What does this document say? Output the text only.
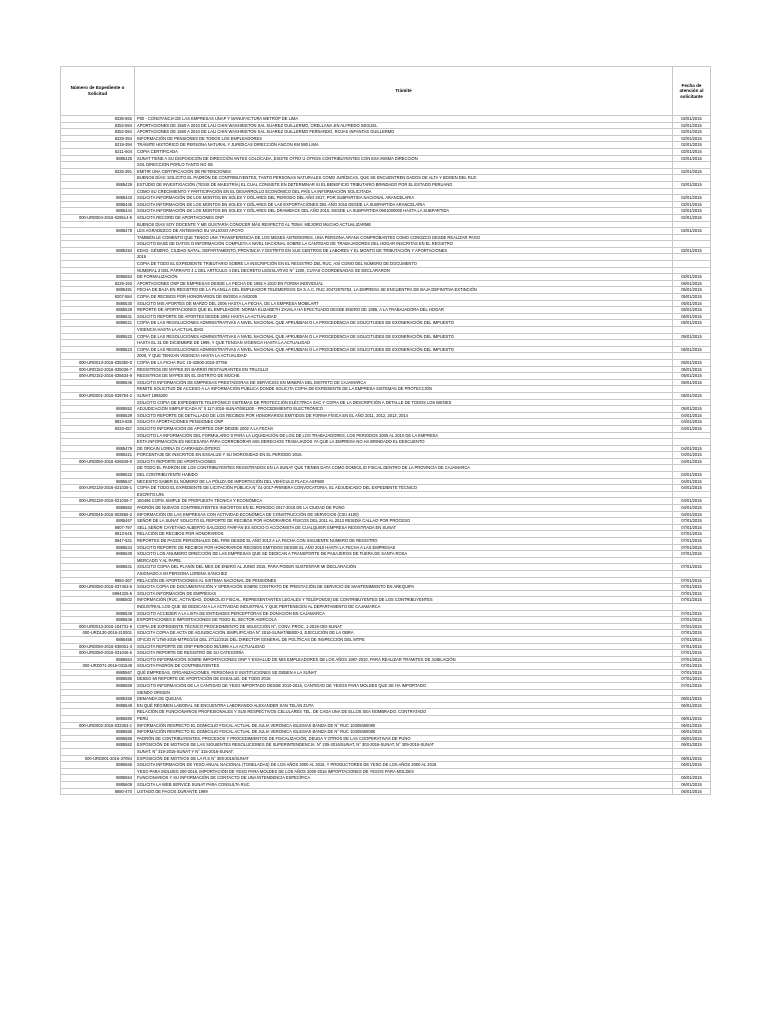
Número de Expediente o Solicitud	Trámite	Fecha de atención al solicitante
8335-592	P00 - CONSTANCIA DE LAS EMPRESAS UNAP Y MANUFACTURA METROP DE LIMA	02/01/2015
8352-594	APORTACIONES DE 1560 A 2010 DE LALI CHIN WASHINGTON SAL SUAREZ GUILLERMO, ORELLANA JIN ALFREDO SEGUEL	02/01/2015
8352-594	APORTACIONES DE 1560 A 2010 DE LALI CHIN WASHINGTON SAL SUAREZ GUILLERMO FERNANDO, ROJAS INFANTAS GUILLERMO	02/01/2015
8229-394	INFORMACIÓN DE PENSIONES DE TODOS LOS EMPLEADORES	02/01/2015
8219-394	TRÁMITE HISTÓRICO DE PERSONA NATURAL Y JURÍDICAS DIRECCIÓN ANCON KM 580 LIMA	02/01/2015
8211-604	COPIA CERTIFICADA	02/01/2015
8885425	SUNAT TIENE A SU DISPOSICIÓN DE DIRECCIÓN ANTES COLOCADA, EXISTE OTRO U OTROS CONTRIBUYENTES CON ESA MISMA DIRECCIÓN	02/01/2015
	SOL DIRECCIÓN PORLO TANTO NO SE	
8325-391	EMITIR UNA CERTIFICACIÓN DE RETENCIONES	02/01/2015
	BUENOS DÍAS: SOLICITO EL PADRÓN DE CONTRIBUYENTES, TANTO PERSONAS NATURALES COMO JURÍDICAS, QUE SE ENCUENTREN DADOS DE ALTA Y BOGEN DEL RUC	
8885429	ESTUDIO DE INVESTIGACIÓN (TESIS DE MAESTRÍA) EL CUAL CONSISTE EN DETERMINAR SI EL BENEFICIO TRIBUTARIO BRINDADO POR EL ESTADO PERUANO	02/01/2015
	COMO SU CRECIMIENTO Y PARTICIPACIÓN EN EL DESARROLLO ECONÓMICO DEL PAÍS LA INFORMACIÓN SOLICITADA	
8885443	SOLICITA INFORMACIÓN DE LOS MONTOS EN SOLES Y DÓLARES DEL PERIODO DEL AÑO 2017, POR SUBPARTIDA NACIONAL ARANCELARIA	02/01/2015
8885445	SOLICITA INFORMACIÓN DE LOS MONTOS EN SOLES Y DÓLARES DE LAS EXPORTACIONES DEL AÑO 2016 DESDE LA SUBPARTIDA ARANCELARIA	02/01/2015
8885444	SOLICITA INFORMACIÓN DE LOS MONTOS EN SOLES Y DÓLARES DEL DRAWBACK DEL AÑO 2016, DESDE LA SUBPARTIDA 0901000000 HASTA LA SUBPARTIDA	02/01/2015
000-URD004-2016-029514-5	SOLICITA RECORD DE APORTACIONES ONP	02/01/2015
	BUENOS DÍAS SOY DOCENTE Y ME GUSTARÍA CONOCER MÁS RESPECTO AL TEMA: MEJORO MUCHO ACTUALIZARME	
8885478	LES AGRADEZCO DE ANTEMANO SU VALIOSO APOYO	02/01/2015
	TAMBIÉN LE COMENTO QUE TENGO UNA TRANSFERENCIA DE LOS MESES ANTERIORES, UNA PERSONA ARANA COMPROBANTES COMO CONOZCO DESDE REALIZAR PAGO	
	SOLICITO BASE DE DATOS O INFORMACIÓN COMPLETA A NIVEL NACIONAL SOBRE LA CANTIDAD DE TRABAJADORES DEL HOGAR INSCRITAS EN EL REGISTRO	
8885494	EDAD, GÉNERO, CIUDAD NATAL, DEPARTAMENTO, PROVINCIA Y DISTRITO EN SUS CENTROS DE LABORES Y EL MONTO DE TRIBUTACIÓN Y APORTACIONES	02/01/2015
	2016	
	COPIA DE TODO EL EXPEDIENTE TRIBUTARIO SOBRE LA INSCRIPCIÓN EN EL REGISTRO DEL RUC, ASÍ COMO DEL NÚMERO DE DOCUMENTO	
	NUMERAL 3 DEL PÁRRAFO 4.1 DEL ARTÍCULO 4 DEL DECRETO LEGISLATIVO N° 1200, CUYAS COORDENADAS SE DECLARARON	
8885554	DE FORMALIZACIÓN	02/01/2015
8229-193	APORTACIONES ONP DE EMPRESAS DESDE LA FECHA DE 1992 A 2010 EN FORMA INDIVIDUAL	05/01/2015
8885491	FECHA DE BAJA EN REGISTRO DE LA PLANILLA DEL EMPLEADOR TELEMERSOS DA S.A.C. RUC 20472979752, LA EMPRESA SE ENCUENTRA DE BAJA DEFINITIVA EXTINCIÓN	05/01/2015
8207-584	COPIA DE RECIBOS POR HONORARIOS DE 09/2004 A 04/2005	05/01/2015
8885530	SOLICITO MIS APORTES DE MARZO DEL 2006 HASTA LA FECHA, DE LA EMPRESA MOBILART	05/01/2015
8885528	REPORTE DE APORTACIONES QUE EL EMPLEADOR: NORMA ELIZABETH ZAVALA HA EFECTUADO DESDE ENERO DE 1995, A LA TRABAJADORA DEL HOGAR	05/01/2015
8885531	SOLICITO REPORTE DE APORTES DESDE 2004 HASTA LA ACTUALIDAD	05/01/2015
8885521	COPIA DE LAS RESOLUCIONES ADMINISTRATIVAS A NIVEL NACIONAL QUE APRUEBAN O LA PROCEDENCIA DE SOLICITUDES DE EXONERACIÓN DEL IMPUESTO	05/01/2015
	VIGENCIA HASTA LA ACTUALIDAD	
8885522	COPIA DE LAS RESOLUCIONES ADMINISTRATIVAS A NIVEL NACIONAL QUE APRUEBAN O LA PROCEDENCIA DE SOLICITUDES DE EXONERACIÓN DEL IMPUESTO	05/01/2015
	HASTA EL 31 DE DICIEMBRE DE 1999, Y QUE TENGAN VIGENCIA HASTA LA ACTUALIDAD	
8885523	COPIA DE LAS RESOLUCIONES ADMINISTRATIVAS A NIVEL NACIONAL QUE APRUEBAN O LA PROCEDENCIA DE SOLICITUDES DE EXONERACIÓN DEL IMPUESTO	05/01/2015
	2000, Y QUE TENGAN VIGENCIA HASTA LA ACTUALIDAD	
000-URD013-2016-035350-0	COPIA DE LA FICHA RUC 10-32500-2016-07766	05/01/2015
000-URD152-2016-035036-7	REGISTROS DE MYPES EN BARRIO RESTAURANTES EN TRUJILLO	05/01/2015
000-URD152-2016-035634-9	REGISTROS DE MYPES EN EL DISTRITO DE MOCHE	05/01/2015
8885546	SOLICITO INFORMACIÓN DE EMPRESAS PRESTADORAS DE SERVICIOS EN MINERÍA DEL DISTRITO DE CAJAMARCA	05/01/2015
	REMITE SOLICITUD DE ACCESO A LA INFORMACIÓN PÚBLICA DONDE SOLICITA COPIA DE EXPEDIENTE DE LA EMPRESA SISTEMAS DE PROTECCIÓN	
000-URD001-2016-039794-2	SUNAT 1985200	05/01/2015
	SOLICITO COPIA DE EXPEDIENTE TELEFÓNICO SISTEMAS DE PROTECCIÓN ELÉCTRICA SAC Y COPIA DE LA DESCRIPCIÓN A DETALLE DE TODOS LOS BIENES	
8885552	ADJUDICACIÓN SIMPLIFICADA N° 0 117-2016-SUNAT/881200 - PROCEDIMIENTO ELECTRÓNICO	05/01/2015
8885529	SOLICITO REPORTE DE DETALLADO DE LOS RECIBOS POR HONORARIOS EMITIDOS DE FORMA FÍSICA EN EL AÑO 2011, 2012, 2013, 2014	04/01/2015
8924-836	SOLICITA APORTACIONES PENSIONES ONP	04/01/2015
8333-457	SOLICITO INFORMACIÓN DE APORTES ONP DESDE 2002 A LA FECHA	04/01/2015
	SOLICITO LA INFORMACIÓN DEL FORMULARIO 0 PARA LA LIQUIDACIÓN DE LOS DE LOS TRABAJADORES, LOS PERIODOS 2005 AL 2010 DE LA EMPRESA	
	ESTA INFORMACIÓN ES NECESARIA PARA CORROBORAR MIS DERECHOS TRABAJADOS YA QUE LA EMPRESA NO HA BRINDADO EL DESCUENTO	
8885479	DE ORCAIN LORNA DI CARRANZA DITERO.	04/01/2015
8885421	PORCENTAJE DE INSCRITOS EN ESSALUD Y SU MOROSIDAD EN EL PERIODO 2015	04/01/2015
000-URD050-2016-026849-0	SOLICITA REPORTE DE APORTACIONES	04/01/2015
	DE TODO EL PADRÓN DE LOS CONTRIBUYENTES REGISTRADOS EN LA SUNAT QUE TIENEN DATA COMO DOMICILIO FISCAL DENTRO DE LA PROVINCIA DE CAJAMARCA	
8885522	DEL CONTRIBUYENTE HABIDO	04/01/2015
8885547	NECESITO SABER EL NÚMERO DE LA PÓLIZA DE IMPORTACIÓN DEL VEHÍCULO PLACA ASF680	04/01/2015
000-URD130-2016-021036-1	COPIA DE TODO EL EXPEDIENTE DE LICITACIÓN PÚBLICA N° 01-2017-PRIMERA CONVOCATORIA, EL ADJUDICADO DEL EXPEDIENTE TÉCNICO	04/01/2015
	ESCRITO LR6	
000-URD130-2016-021036-7	150496 COPIA SIMPLE DE PROPUESTA TÉCNICA Y ECONÓMICA	04/01/2015
8885562	PADRÓN DE NUEVOS CONTRIBUYENTES INSCRITOS EN EL PERIODO 2017-2018 DE LA CIUDAD DE PUNO	04/01/2015
000-URD045-2016-003555-2	INFORMACIÓN DE LAS EMPRESAS CON ACTIVIDAD ECONÓMICA DE CONSTRUCCIÓN DE SERVICIOS (CIIU 4100)	04/01/2015
8885467	SEÑOR DE LA SUNAT SOLICITO EL REPORTE DE RECIBOS POR HONORARIOS FÍSICOS DEL 2011 AL 2013 RESIDÍA CALLAO POR PROCESO	07/01/2015
8907-797	SELL SEÑOR CAYETANO ALBERTO SALCEDO FARFÁN ES SOCIO O ACCIONISTA DE CUALQUIER EMPRESA REGISTRADA EN SUNAT	07/01/2015
8913-545	RELACIÓN DE RECIBOS POR HONORARIOS	07/01/2015
8947-531	REPORTES DE PAGOS PERSONALES DEL FIRE DESDE EL AÑO 2012 A LA FECHA CON SIGUIENTE NÚMERO DE REGISTRO	07/01/2015
8885534	SOLICITO REPORTE DE RECIBOS POR HONORARIOS RECIBOS EMITIDOS DESDE EL AÑO 2010 HASTA LA FECHA A LAS EMPRESAS	07/01/2015
8885539	SOLICITO LOS ANUMERO DIRECCIÓN DE LAS EMPRESAS QUE SE DEDICAN A TRANSPORTE DE PASAJEROS DE FUERA DE SANTA ROSA	07/01/2015
	MERCADO Y AL PAPEL	
8885541	SOLICITO COPIA DEL PLANÍN DEL MES DE ENERO AL JUNIO 2015, PARA PODER SUSTENTAR MI DECLARACIÓN	07/01/2015
	ASIGNADO A MI PERSONA LORENA SÁNCHEZ	
8984-367	RELACIÓN DE APORTACIONES AL SISTEMA NACIONAL DE PENSIONES	07/01/2015
000-URD050-2016-037463-5	SOLICITA COPIA DE DOCUMENTACIÓN Y OPERACIÓN SOBRE CONTRATO DE PRESTACIÓN DE SERVICIO DE MANTENIMIENTO EN AREQUIPA	07/01/2015
8994326-5	SOLICITA INFORMACIÓN DE EMPRESAS	07/01/2015
8885502	INFORMACIÓN (RUC, ACTIVIDAD, DOMICILIO FISCAL, REPRESENTANTES LEGALES Y TELÉFONOS) DE CONTRIBUYENTES DE LOS CONTRIBUYENTES	07/01/2015
	INDUSTRIAL LOS QUE SE DEDICAN A LA ACTIVIDAD INDUSTRIAL Y QUE PERTENECEN AL DEPARTAMENTO DE CAJAMARCA	
8885548	SOLICITO ACCEDER A LA LISTA DE ENTIDADES PERCEPTORAS DE DONACIÓN EN CAJAMARCA	07/01/2015
8885549	EXPORTACIONES E IMPORTACIONES DE TODO EL SECTOR AGRÍCOLA	07/01/2015
000-URD013-2016-104731-6	COPIA DE EXPEDIENTE TÉCNICO PROCEDIMIENTO DE SELECCIÓN N°, CONV. PROC. 1-2016-OEI-SUNAT	07/01/2015
000-URD130-2016-210001	SOLICITA COPIA DE ACTA DE ADJUDICACIÓN SIMPLIFICADA N° 2016-SUNAT/8B000-3, EJECUCIÓN DE LA OBRA	07/01/2015
8885455	OFICIO N°1790-2016-MTPE/2/16 DEL 27/11/2016 DEL DIRECTOR GENERAL DE POLÍTICAS DE INSPECCIÓN DEL MTPE	07/01/2015
000-URD050-2016-036061-3	SOLICITA REPORTE DE ONP PERIODO 05/1999 A LA ACTUALIDAD	07/01/2015
000-URD050-2016-031046-6	SOLICITA REPORTE DE REGISTRO DE SU CATEGORÍA	07/01/2015
8885664	SOLICITO INFORMACIÓN SOBRE IMPORTACIONES ONP Y ESSALUD DE MIS EMPLEADORES DE LOS AÑOS 1987-2010, PARA REALIZAR TRÁMITES DE JUBILACIÓN	07/01/2015
000-URD071-2016-031549	SOLICITA PADRÓN DE CONTRIBUYENTES	07/01/2015
8885567	QUÉ EMPRESAS, ORGANIZACIONES, PERSONAS E INSTITUCIONES SE DEBEN A LA SUNAT	07/01/2015
8885580	DESEO MI REPORTE DE APORTACIÓN DE ESSALUD, DE TODO 2016	07/01/2015
8885569	SOLICITO INFORMACIÓN DE LA CANTIDAD DE YESO IMPORTADO DESDE 2010-2016, CANTIDAD DE YESOS PARA MOLDES QUE SE HA IMPORTADO	07/01/2015
	SIENDO ORIGEN	
8885468	DEMANDA DE QUEJAS	06/01/2015
8885549	EN QUÉ RÉGIMEN LABORAL SE ENCUENTRA LABORANDO ALEXANDER SAN TELÁN ZUTA	06/01/2015
	RELACIÓN DE FUNCIONARIOS PROFESIONALES Y SUS RESPECTIVOS CELULARES TEL. DE CADA UNA DE ELLOS SEA NOMBRADO, CONTRATADO	
8885580	PERÚ	06/01/2015
000-URD002-2016-032354-1	INFORMACIÓN RESPECTO EL DOMICILIO FISCAL ACTUAL DE JULIA VERONICA IGLESIAS BANDA DE N° RUC 10409460080	06/01/2015
8885585	INFORMACIÓN RESPECTO EL DOMICILIO FISCAL ACTUAL DE JULIA VERONICA IGLESIAS BANDA DE N° RUC 10409460080	06/01/2015
8885588	PADRÓN DE CONTRIBUYENTES, PROCESOS Y PROCEDIMIENTOS DE FISCALIZACIÓN, DEUDA Y OTROS DE LAS COOPERATIVAS DE PUNO	06/01/2015
8885582	EXPOSICIÓN DE MOTIVOS DE LAS SIGUIENTES RESOLUCIONES DE SUPERINTENDENCIA: N° 205-2016/SUNAT, N° 303-2016-SUNAT, N° 309-2016-SUNAT	06/01/2015
	SUNAT, N° 319-2016-SUNAT Y N° 315-2016-SUNAT	
000-URD001-2016-37094	EXPOSICIÓN DE MOTIVOS DE LA R.S N° 309-2016/SUNAT	06/01/2015
8885566	SOLICITA INFORMACIÓN DE YESO ANUAL NACIONAL (TONELADAS) DE LOS AÑOS 2000 AL 2016, Y PRODUCTORES DE YESO DE LOS AÑOS 2000 AL 2016	06/01/2015
	YESO PARA MOLDES 200-2016, IMPORTACIÓN DE YESO PARA MOLDES DE LOS AÑOS 2000-2016 IMPORTACIONES DE YESOS PARA MOLDES	
8885554	FUNCIONARIOS Y SU INFORMACIÓN DE CONTACTO DE UNA INTENDENCIA ESPECÍFICA	06/01/2015
8885609	SOLICITA LA WEB SERVICE SUNAT PARA CONSULTA RUC	06/01/2015
8880-470	LISTADO DE PAGOS DURANTE 1999	06/01/2015
